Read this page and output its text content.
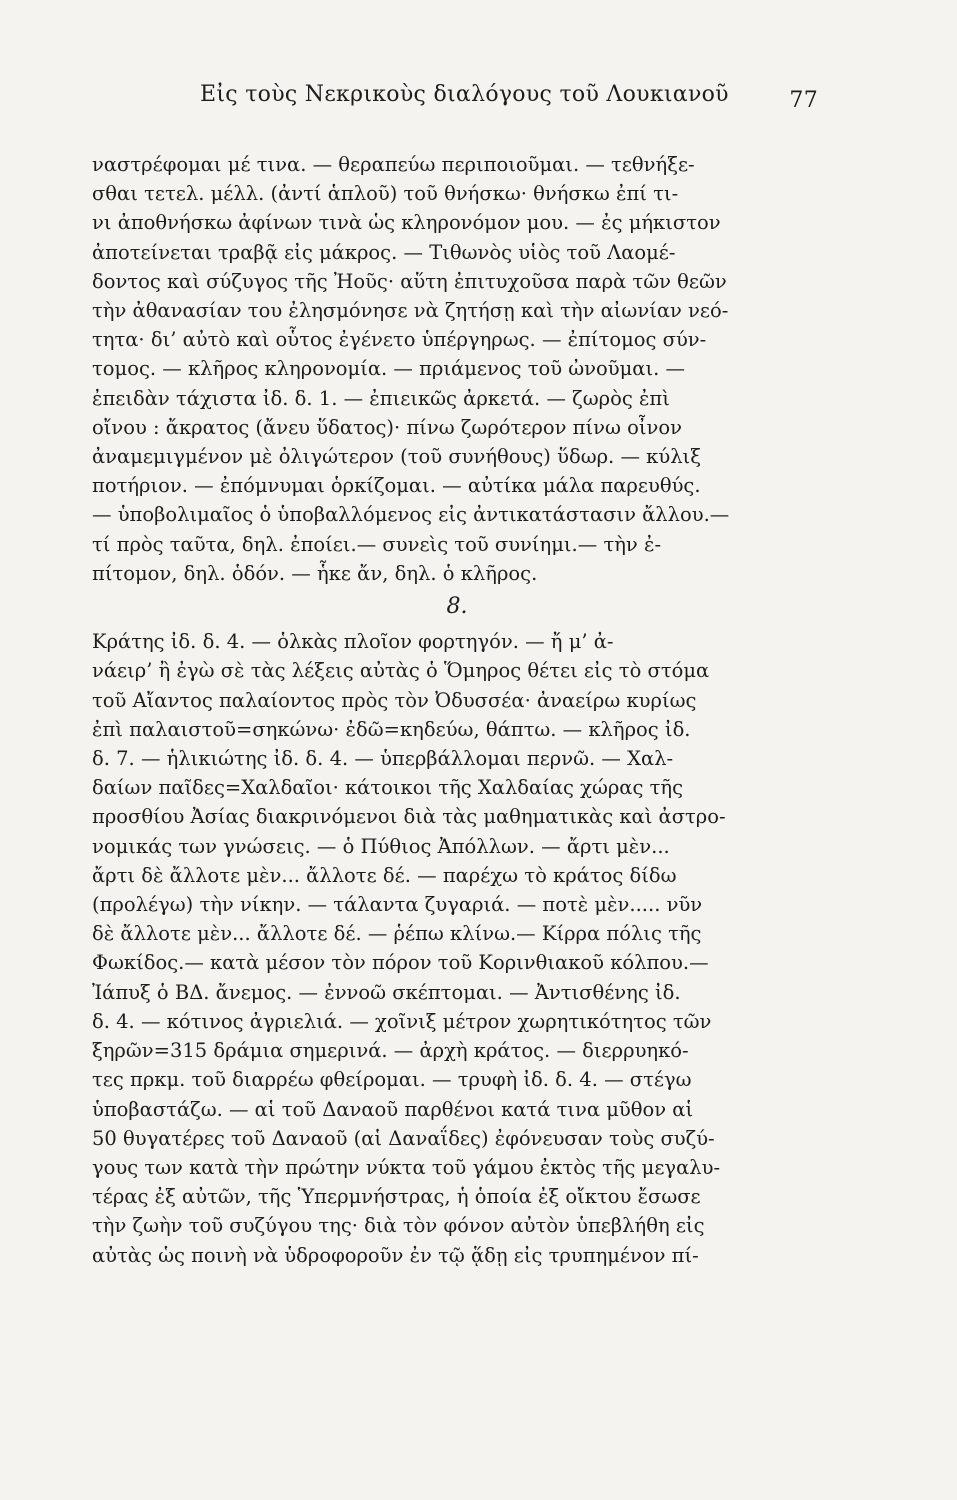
Εἰς τοὺς Νεκρικοὺς διαλόγους τοῦ Λουκιανοῦ	77
ναστρέφομαι μέ τινα. — θεραπεύω περιποιοῦμαι. — τεθνήξε-
σθαι τετελ. μέλλ. (ἀντί ἁπλοῦ) τοῦ θνήσκω· θνήσκω ἐπί τι-
νι ἀποθνήσκω ἀφίνων τινὰ ὡς κληρονόμον μου. — ἐς μήκιστον
ἀποτείνεται τραβᾷ εἰς μάκρος. — Τιθωνὸς υἱὸς τοῦ Λαομέ-
δοντος καὶ σύζυγος τῆς Ἠοῦς· αὕτη ἐπιτυχοῦσα παρὰ τῶν θεῶν
τὴν ἀθανασίαν του ἐλησμόνησε νὰ ζητήσῃ καὶ τὴν αἰωνίαν νεό-
τητα· δι’ αὐτὸ καὶ οὗτος ἐγένετο ὑπέργηρως. — ἐπίτομος σύν-
τομος. — κλῆρος κληρονομία. — πριάμενος τοῦ ὠνοῦμαι. —
ἐπειδὰν τάχιστα ἰδ. δ. 1. — ἐπιεικῶς ἀρκετά. — ζωρὸς ἐπὶ
οἴνου : ἄκρατος (ἄνευ ὕδατος)· πίνω ζωρότερον πίνω οἶνον
ἀναμεμιγμένον μὲ ὀλιγώτερον (τοῦ συνήθους) ὕδωρ. — κύλιξ
ποτήριον. — ἐπόμνυμαι ὁρκίζομαι. — αὐτίκα μάλα παρευθύς.
— ὑποβολιμαῖος ὁ ὑποβαλλόμενος εἰς ἀντικατάστασιν ἄλλου.—
τί πρὸς ταῦτα, δηλ. ἐποίει.— συνεὶς τοῦ συνίημι.— τὴν ἐ-
πίτομον, δηλ. ὁδόν. — ἧκε ἄν, δηλ. ὁ κλῆρος.
8.
Κράτης ἰδ. δ. 4. — ὁλκὰς πλοῖον φορτηγόν. — ἤ μ’ ἀ-
νάειρ’ ἢ ἐγὼ σὲ τὰς λέξεις αὐτὰς ὁ Ὅμηρος θέτει εἰς τὸ στόμα
τοῦ Αἴαντος παλαίοντος πρὸς τὸν Ὀδυσσέα· ἀναείρω κυρίως
ἐπὶ παλαιστοῦ=σηκώνω· ἐδῶ=κηδεύω, θάπτω. — κλῆρος ἰδ.
δ. 7. — ἡλικιώτης ἰδ. δ. 4. — ὑπερβάλλομαι περνῶ. — Χαλ-
δαίων παῖδες=Χαλδαῖοι· κάτοικοι τῆς Χαλδαίας χώρας τῆς
προσθίου Ἀσίας διακρινόμενοι διὰ τὰς μαθηματικὰς καὶ ἀστρο-
νομικάς των γνώσεις. — ὁ Πύθιος Ἀπόλλων. — ἄρτι μὲν...
ἄρτι δὲ ἄλλοτε μὲν... ἄλλοτε δέ. — παρέχω τὸ κράτος δίδω
(προλέγω) τὴν νίκην. — τάλαντα ζυγαριά. — ποτὲ μὲν..... νῦν
δὲ ἄλλοτε μὲν... ἄλλοτε δέ. — ῥέπω κλίνω.— Κίρρα πόλις τῆς
Φωκίδος.— κατὰ μέσον τὸν πόρον τοῦ Κορινθιακοῦ κόλπου.—
Ἰάπυξ ὁ ΒΔ. ἄνεμος. — ἐννοῶ σκέπτομαι. — Ἀντισθένης ἰδ.
δ. 4. — κότινος ἀγριελιά. — χοῖνιξ μέτρον χωρητικότητος τῶν
ξηρῶν=315 δράμια σημερινά. — ἀρχὴ κράτος. — διερρυηκό-
τες πρκμ. τοῦ διαρρέω φθείρομαι. — τρυφὴ ἰδ. δ. 4. — στέγω
ὑποβαστάζω. — αἱ τοῦ Δαναοῦ παρθένοι κατά τινα μῦθον αἱ
50 θυγατέρες τοῦ Δαναοῦ (αἱ Δαναΐδες) ἐφόνευσαν τοὺς συζύ-
γους των κατὰ τὴν πρώτην νύκτα τοῦ γάμου ἐκτὸς τῆς μεγαλυ-
τέρας ἐξ αὐτῶν, τῆς Ὑπερμνήστρας, ἡ ὁποία ἐξ οἴκτου ἔσωσε
τὴν ζωὴν τοῦ συζύγου της· διὰ τὸν φόνον αὐτὸν ὑπεβλήθη εἰς
αὐτὰς ὡς ποινὴ νὰ ὑδροφοροῦν ἐν τῷ ᾅδῃ εἰς τρυπημένον πί-
